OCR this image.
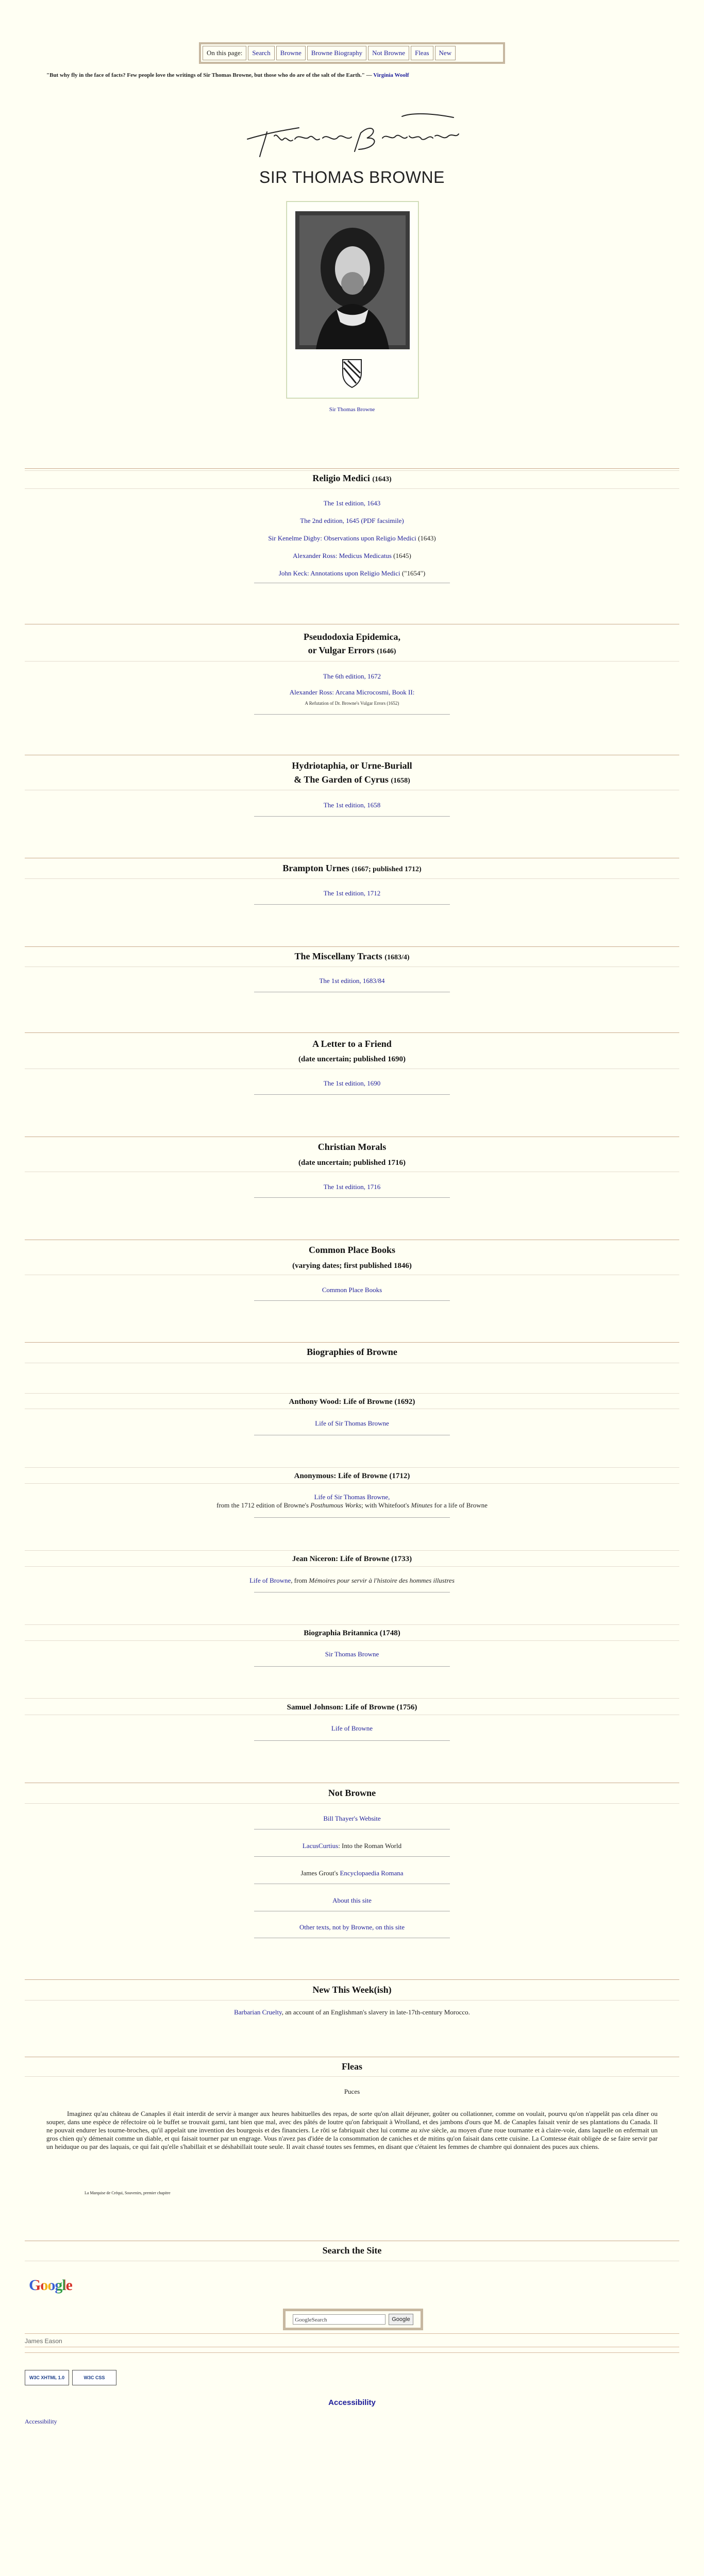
On this page:	Search Browne Browne Biography Not Browne Fleas New
"But why fly in the face of facts? Few people love the writings of Sir Thomas Browne, but those who do are of the salt of the Earth." — Virginia Woolf
SIR THOMAS BROWNE
Sir Thomas Browne
Religio Medici (1643)
The 1st edition, 1643
The 2nd edition, 1645 (PDF facsimile)
Sir Kenelme Digby: Observations upon Religio Medici (1643)
Alexander Ross: Medicus Medicatus (1645)
John Keck: Annotations upon Religio Medici ("1654")
Pseudodoxia Epidemica,
or Vulgar Errors (1646)
The 6th edition, 1672
Alexander Ross: Arcana Microcosmi, Book II:
A Refutation of Dr. Browne's Vulgar Errors (1652)
Hydriotaphia, or Urne-Buriall
& The Garden of Cyrus (1658)
The 1st edition, 1658
Brampton Urnes (1667; published 1712)
The 1st edition, 1712
The Miscellany Tracts (1683/4)
The 1st edition, 1683/84
A Letter to a Friend
(date uncertain; published 1690)
The 1st edition, 1690
Christian Morals
(date uncertain; published 1716)
The 1st edition, 1716
Common Place Books
(varying dates; first published 1846)
Common Place Books
Biographies of Browne
Anthony Wood: Life of Browne (1692)
Life of Sir Thomas Browne
Anonymous: Life of Browne (1712)
Life of Sir Thomas Browne,
from the 1712 edition of Browne's Posthumous Works; with Whitefoot's Minutes for a life of Browne
Jean Niceron: Life of Browne (1733)
Life of Browne, from Mémoires pour servir à l'histoire des hommes illustres
Biographia Britannica (1748)
Sir Thomas Browne
Samuel Johnson: Life of Browne (1756)
Life of Browne
Not Browne
Bill Thayer's Website
LacusCurtius: Into the Roman World
James Grout's Encyclopaedia Romana
About this site
Other texts, not by Browne, on this site
New This Week(ish)
Barbarian Cruelty, an account of an Englishman's slavery in late-17th-century Morocco.
Fleas
Puces
Imaginez qu'au château de Canaples il était interdit de servir à manger aux heures habituelles des repas, de sorte qu'on allait déjeuner, goûter ou collationner, comme on voulait, pourvu qu'on n'appelât pas cela dîner ou souper, dans une espèce de réfectoire où le buffet se trouvait garni, tant bien que mal, avec des pâtés de loutre qu'on fabriquait à Wrolland, et des jambons d'ours que M. de Canaples faisait venir de ses plantations du Canada. Il ne pouvait endurer les tourne-broches, qu'il appelait une invention des bourgeois et des financiers. Le rôti se fabriquait chez lui comme au xive siècle, au moyen d'une roue tournante et à claire-voie, dans laquelle on enfermait un gros chien qu'y démenait comme un diable, et qui faisait tourner par un engrage. Vous n'avez pas d'idée de la consommation de caniches et de mitins qu'on faisait dans cette cuisine. La Comtesse était obligée de se faire servir par un heiduque ou par des laquais, ce qui fait qu'elle s'habillait et se déshabillait toute seule. Il avait chassé toutes ses femmes, en disant que c'étaient les femmes de chambre qui donnaient des puces aux chiens.
La Marquise de Créqui, Souvenirs, premier chapitre
Search the Site
Google
GoogleSearch	Google
James Eason
W3C XHTML 1.0	W3C CSS
Accessibility
Accessibility
